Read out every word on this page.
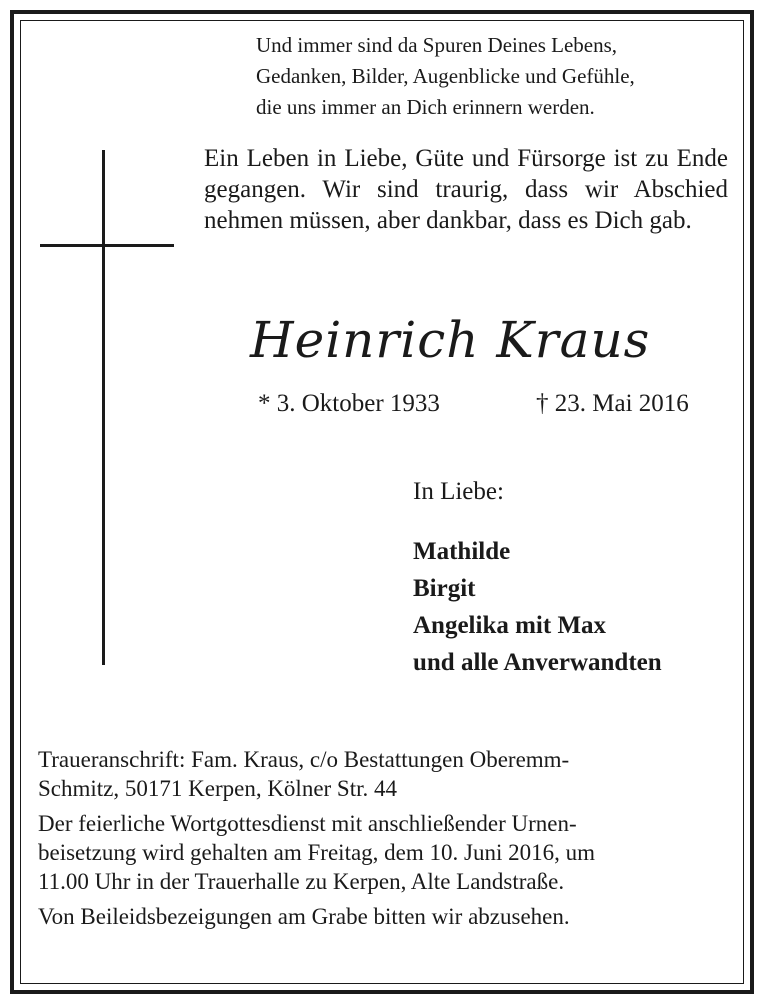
Und immer sind da Spuren Deines Lebens,
Gedanken, Bilder, Augenblicke und Gefühle,
die uns immer an Dich erinnern werden.
Ein Leben in Liebe, Güte und Fürsorge ist zu Ende gegangen. Wir sind traurig, dass wir Abschied nehmen müssen, aber dankbar, dass es Dich gab.
Heinrich Kraus
* 3. Oktober 1933	† 23. Mai 2016
In Liebe:
Mathilde
Birgit
Angelika mit Max
und alle Anverwandten
Traueranschrift: Fam. Kraus, c/o Bestattungen Oberemm-
Schmitz, 50171 Kerpen, Kölner Str. 44
Der feierliche Wortgottesdienst mit anschließender Urnen-
beisetzung wird gehalten am Freitag, dem 10. Juni 2016, um
11.00 Uhr in der Trauerhalle zu Kerpen, Alte Landstraße.
Von Beileidsbezeigungen am Grabe bitten wir abzusehen.
